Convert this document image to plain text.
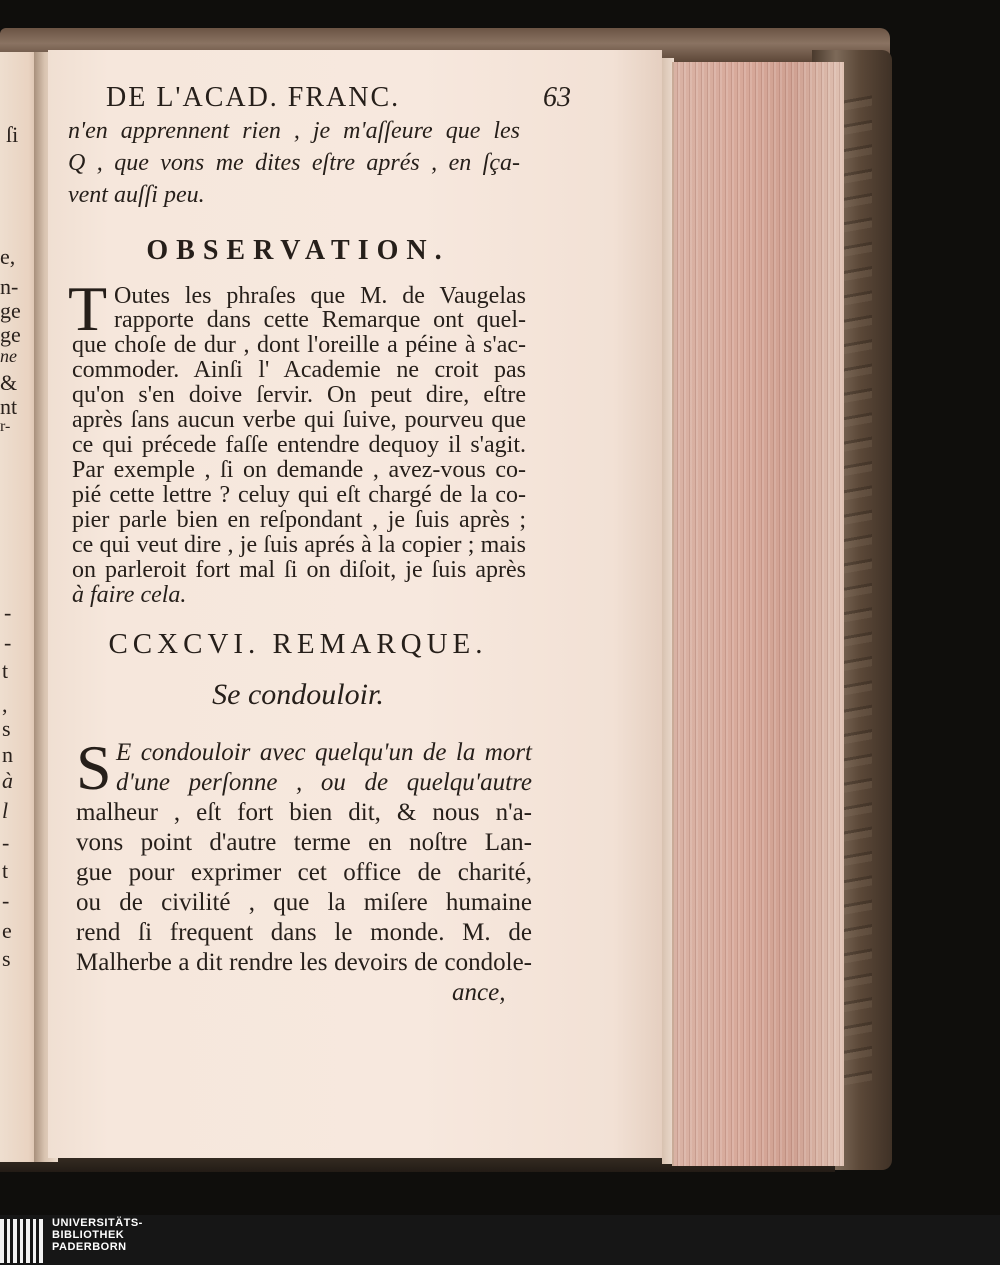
ſi
e,
n-
ge
ge
ne
&
nt
r-
-
-
t
,
s
n
à
l
-
t
-
e
s
DE L'ACAD. FRANC.	63
n'en apprennent rien , je m'aſſeure que les
Q , que vons me dites eſtre aprés , en ſça-
vent auſſi peu.
OBSERVATION.
T Outes les phraſes que M. de Vaugelas
rapporte dans cette Remarque ont quel-
que choſe de dur , dont l'oreille a péine à s'ac-
commoder. Ainſi l' Academie ne croit pas
qu'on s'en doive ſervir. On peut dire, eſtre
après ſans aucun verbe qui ſuive, pourveu que
ce qui précede faſſe entendre dequoy il s'agit.
Par exemple , ſi on demande , avez-vous co-
pié cette lettre ? celuy qui eſt chargé de la co-
pier parle bien en reſpondant , je ſuis après ;
ce qui veut dire , je ſuis aprés à la copier ; mais
on parleroit fort mal ſi on diſoit, je ſuis après
à faire cela.
CCXCVI. REMARQUE.
Se condouloir.
S E condouloir avec quelqu'un de la mort
d'une perſonne , ou de quelqu'autre
malheur , eſt fort bien dit, & nous n'a-
vons point d'autre terme en noſtre Lan-
gue pour exprimer cet office de charité,
ou de civilité , que la miſere humaine
rend ſi frequent dans le monde. M. de
Malherbe a dit rendre les devoirs de condole-
ance,
UNIVERSITÄTS-
BIBLIOTHEK
PADERBORN
